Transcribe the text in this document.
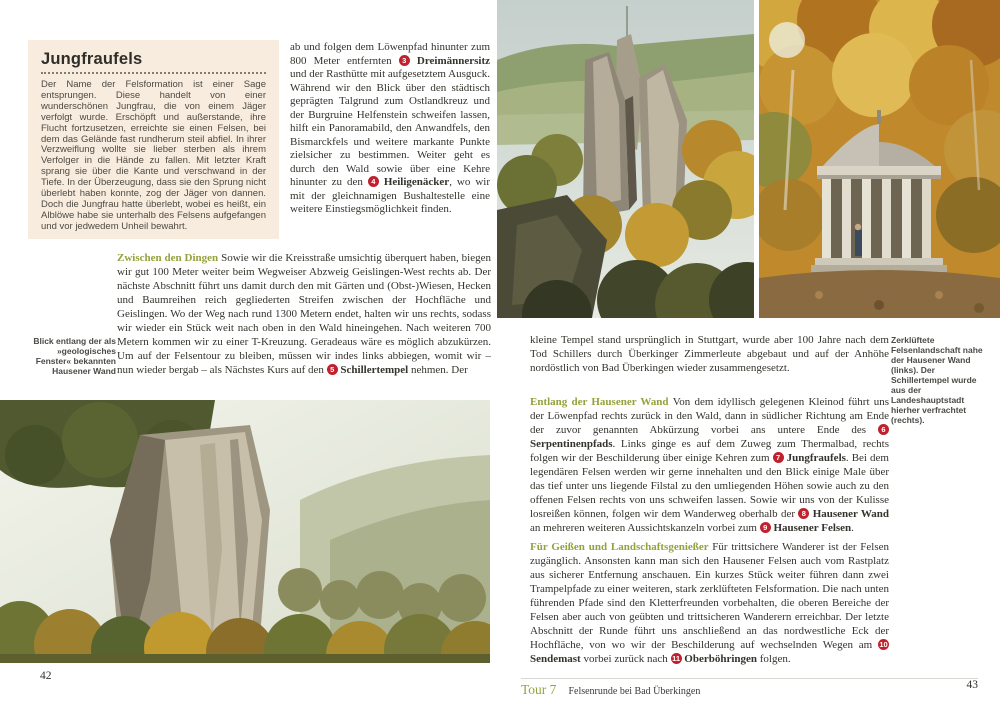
Jungfraufels
Der Name der Felsformation ist einer Sage entsprungen. Diese handelt von einer wunderschönen Jungfrau, die von einem Jäger verfolgt wurde. Erschöpft und außerstande, ihre Flucht fortzusetzen, erreichte sie einen Felsen, bei dem das Gelände fast rundherum steil abfiel. In ihrer Verzweiflung wollte sie lieber sterben als ihrem Verfolger in die Hände zu fallen. Mit letzter Kraft sprang sie über die Kante und verschwand in der Tiefe. In der Überzeugung, dass sie den Sprung nicht überlebt haben konnte, zog der Jäger von dannen. Doch die Jungfrau hatte überlebt, wobei es heißt, ein Alblöwe habe sie unterhalb des Felsens aufgefangen und vor jedwedem Unheil bewahrt.
ab und folgen dem Löwenpfad hinunter zum 800 Meter entfernten 3 Dreimännersitz und der Rasthütte mit aufgesetztem Ausguck. Während wir den Blick über den städtisch geprägten Talgrund zum Ostlandkreuz und der Burgruine Helfenstein schweifen lassen, hilft ein Panoramabild, den Anwandfels, den Bismarckfels und weitere markante Punkte zielsicher zu bestimmen. Weiter geht es durch den Wald sowie über eine Kehre hinunter zu den 4 Heiligenäcker, wo wir mit der gleichnamigen Bushaltestelle eine weitere Einstiegsmöglichkeit finden.
Zwischen den Dingen Sowie wir die Kreisstraße umsichtig überquert haben, biegen wir gut 100 Meter weiter beim Wegweiser Abzweig Geislingen-West rechts ab. Der nächste Abschnitt führt uns damit durch den mit Gärten und (Obst-)Wiesen, Hecken und Baumreihen reich gegliederten Streifen zwischen der Hochfläche und Geislingen. Wo der Weg nach rund 1300 Metern endet, halten wir uns rechts, sodass wir wieder ein Stück weit nach oben in den Wald hineingehen. Nach weiteren 700 Metern kommen wir zu einer T-Kreuzung. Geradeaus wäre es möglich abzukürzen. Um auf der Felsentour zu bleiben, müssen wir indes links abbiegen, womit wir – nun wieder bergab – als Nächstes Kurs auf den 5 Schillertempel nehmen. Der
Blick entlang der als »geologisches Fenster« bekannten Hausener Wand
42
kleine Tempel stand ursprünglich in Stuttgart, wurde aber 100 Jahre nach dem Tod Schillers durch Überkinger Zimmerleute abgebaut und auf der Anhöhe nordöstlich von Bad Überkingen wieder zusammengesetzt.
Zerklüftete Felsenlandschaft nahe der Hausener Wand (links). Der Schillertempel wurde aus der Landeshauptstadt hierher verfrachtet (rechts).
Entlang der Hausener Wand Von dem idyllisch gelegenen Kleinod führt uns der Löwenpfad rechts zurück in den Wald, dann in südlicher Richtung am Ende der zuvor genannten Abkürzung vorbei ans untere Ende des 6 Serpentinenpfads. Links ginge es auf dem Zuweg zum Thermalbad, rechts folgen wir der Beschilderung über einige Kehren zum 7 Jungfraufels. Bei dem legendären Felsen werden wir gerne innehalten und den Blick einige Male über das tief unter uns liegende Filstal zu den umliegenden Höhen sowie auch zu den offenen Felsen rechts von uns schweifen lassen. Sowie wir uns von der Kulisse losreißen können, folgen wir dem Wanderweg oberhalb der 8 Hausener Wand an mehreren weiteren Aussichtskanzeln vorbei zum 9 Hausener Felsen.
Für Geißen und Landschaftsgenießer Für trittsichere Wanderer ist der Felsen zugänglich. Ansonsten kann man sich den Hausener Felsen auch vom Rastplatz aus sicherer Entfernung anschauen. Ein kurzes Stück weiter führen dann zwei Trampelpfade zu einer weiteren, stark zerklüfteten Felsformation. Die nach unten führenden Pfade sind den Kletterfreunden vorbehalten, die oberen Bereiche der Felsen aber auch von geübten und trittsicheren Wanderern erreichbar. Der letzte Abschnitt der Runde führt uns anschließend an das nordwestliche Eck der Hochfläche, von wo wir der Beschilderung auf wechselnden Wegen am 10 Sendemast vorbei zurück nach 11 Oberböhringen folgen.
Tour 7 Felsenrunde bei Bad Überkingen
43
